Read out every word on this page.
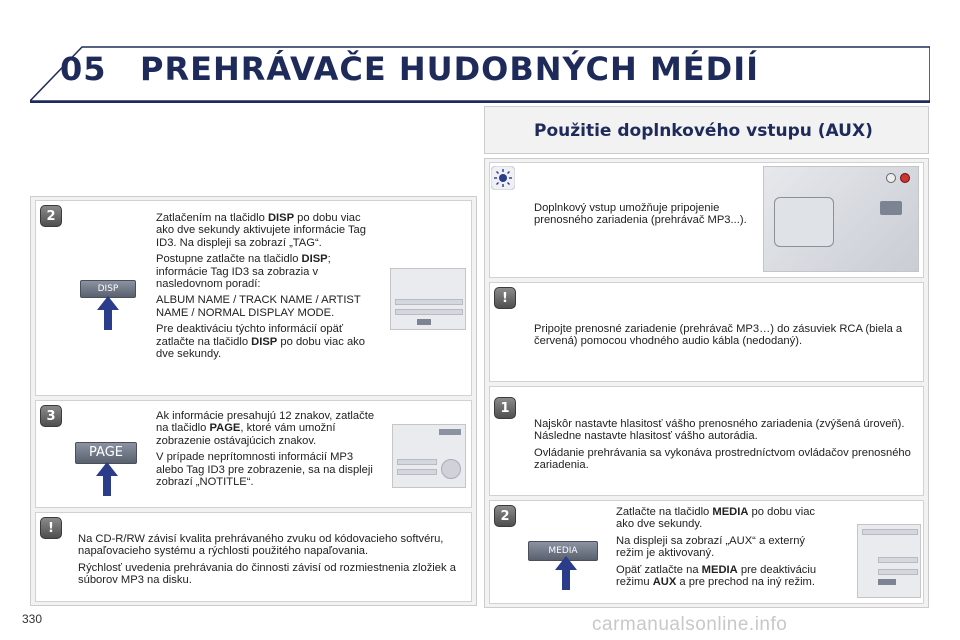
05 PREHRÁVAČE HUDOBNÝCH MÉDIÍ
2
DISP

Zatlačením na tlačidlo DISP po dobu viac ako dve sekundy aktivujete informácie Tag ID3. Na displeji sa zobrazí „TAG“.

Postupne zatlačte na tlačidlo DISP; informácie Tag ID3 sa zobrazia v nasledovnom poradí:

ALBUM NAME / TRACK NAME / ARTIST NAME / NORMAL DISPLAY MODE.

Pre deaktiváciu týchto informácií opäť zatlačte na tlačidlo DISP po dobu viac ako dve sekundy.

3
PAGE

Ak informácie presahujú 12 znakov, zatlačte na tlačidlo PAGE, ktoré vám umožní zobrazenie ostávajúcich znakov.

V prípade neprítomnosti informácií MP3 alebo Tag ID3 pre zobrazenie, sa na displeji zobrazí „NOTITLE“.

!

Na CD-R/RW závisí kvalita prehrávaného zvuku od kódovacieho softvéru, napaľovacieho systému a rýchlosti použitého napaľovania.

Rýchlosť uvedenia prehrávania do činnosti závisí od rozmiestnenia zložiek a súborov MP3 na disku.

Použitie doplnkového vstupu (AUX)
Doplnkový vstup umožňuje pripojenie prenosného zariadenia (prehrávač MP3...).
!
Pripojte prenosné zariadenie (prehrávač MP3…) do zásuviek RCA (biela a červená) pomocou vhodného audio kábla (nedodaný).
1

Najskôr nastavte hlasitosť vášho prenosného zariadenia (zvýšená úroveň). Následne nastavte hlasitosť vášho autorádia.

Ovládanie prehrávania sa vykonáva prostredníctvom ovládačov prenosného zariadenia.

2
MEDIA

Zatlačte na tlačidlo MEDIA po dobu viac ako dve sekundy.

Na displeji sa zobrazí „AUX“ a externý režim je aktivovaný.

Opäť zatlačte na MEDIA pre deaktiváciu režimu AUX a pre prechod na iný režim.

330	carmanualsonline.info
